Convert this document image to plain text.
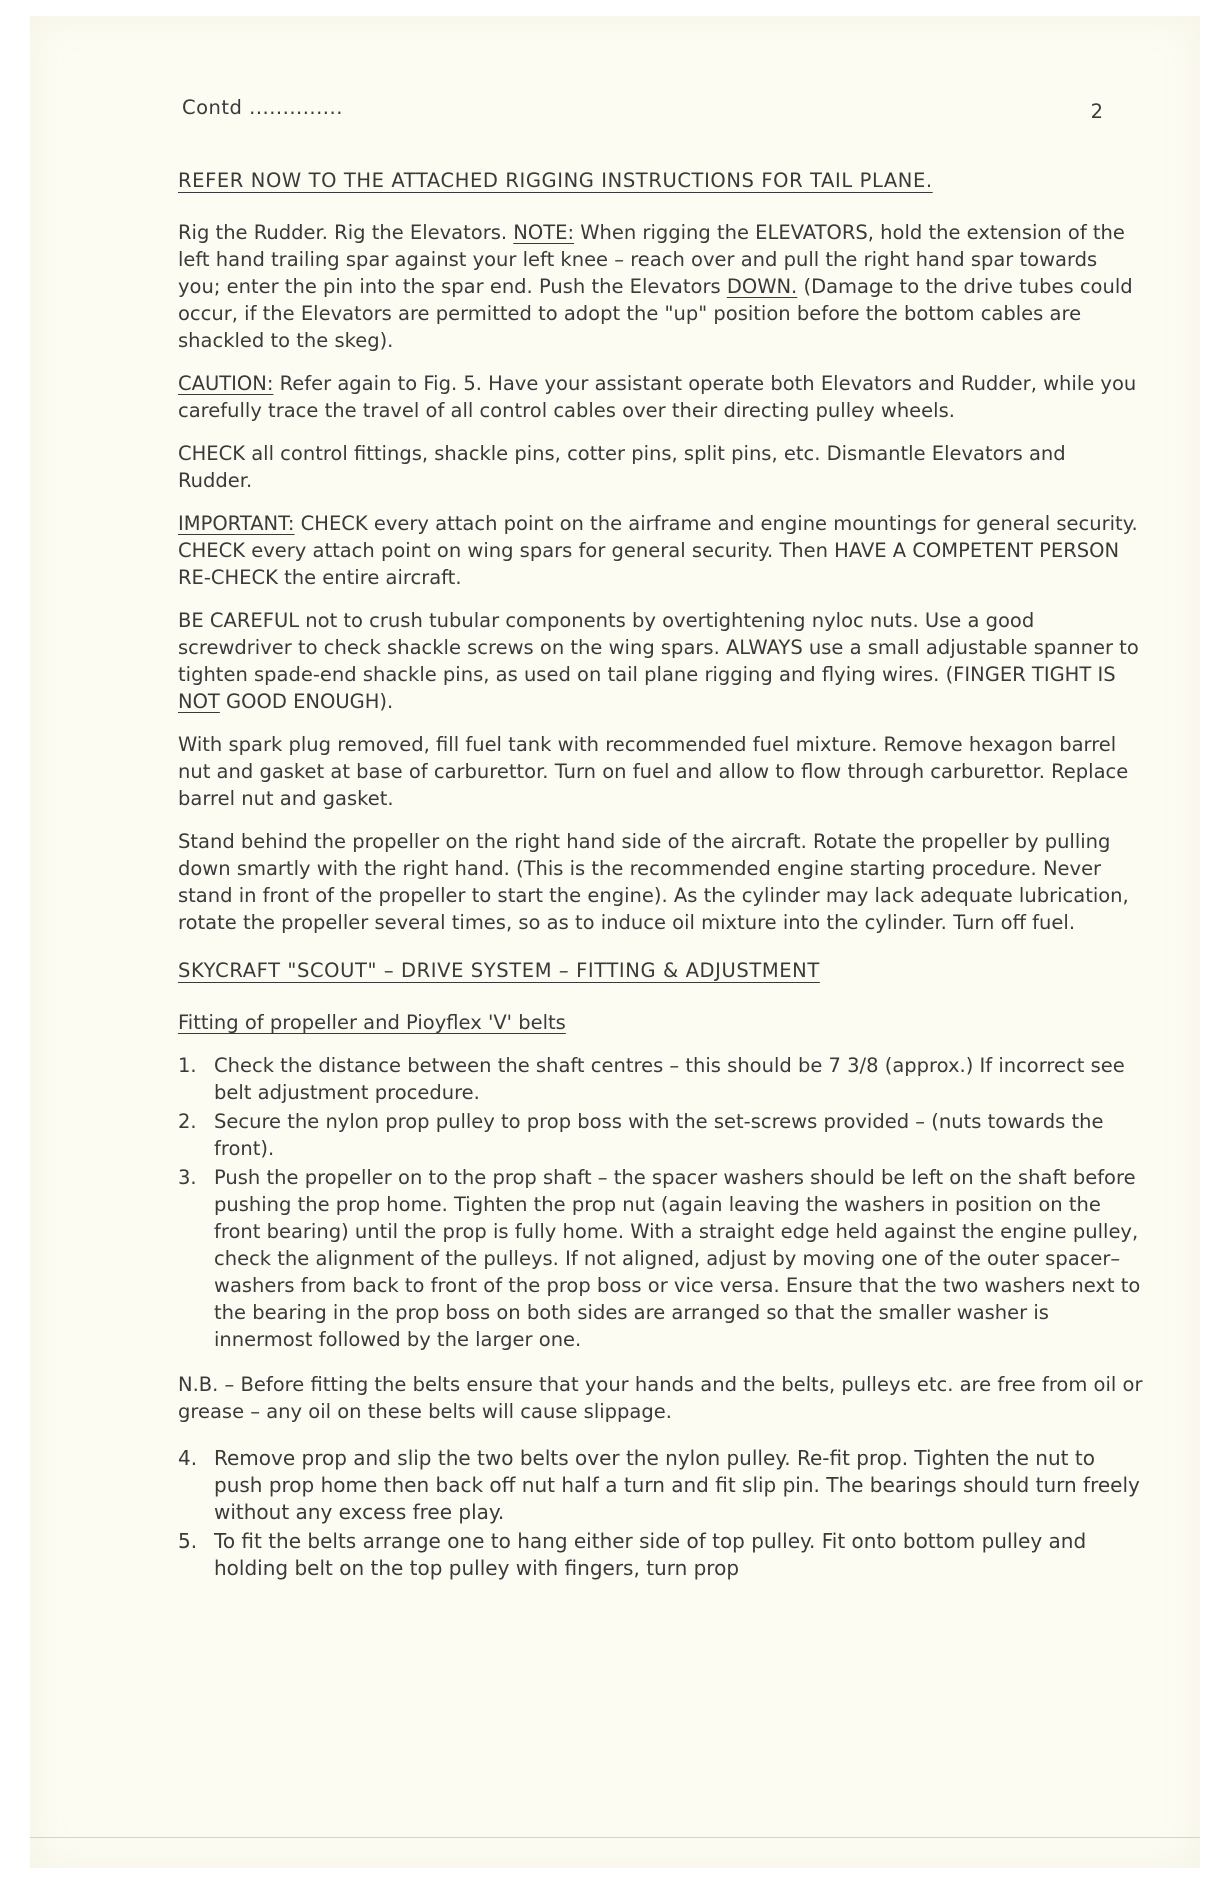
Contd ..............	2
REFER NOW TO THE ATTACHED RIGGING INSTRUCTIONS FOR TAIL PLANE.

Rig the Rudder. Rig the Elevators. NOTE: When rigging the ELEVATORS, hold the extension of the left hand trailing spar against your left knee – reach over and pull the right hand spar towards you; enter the pin into the spar end. Push the Elevators DOWN. (Damage to the drive tubes could occur, if the Elevators are permitted to adopt the "up" position before the bottom cables are shackled to the skeg).

CAUTION: Refer again to Fig. 5. Have your assistant operate both Elevators and Rudder, while you carefully trace the travel of all control cables over their directing pulley wheels.

CHECK all control fittings, shackle pins, cotter pins, split pins, etc. Dismantle Elevators and Rudder.

IMPORTANT: CHECK every attach point on the airframe and engine mountings for general security. CHECK every attach point on wing spars for general security. Then HAVE A COMPETENT PERSON RE-CHECK the entire aircraft.

BE CAREFUL not to crush tubular components by overtightening nyloc nuts. Use a good screwdriver to check shackle screws on the wing spars. ALWAYS use a small adjustable spanner to tighten spade-end shackle pins, as used on tail plane rigging and flying wires. (FINGER TIGHT IS NOT GOOD ENOUGH).

With spark plug removed, fill fuel tank with recommended fuel mixture. Remove hexagon barrel nut and gasket at base of carburettor. Turn on fuel and allow to flow through carburettor. Replace barrel nut and gasket.

Stand behind the propeller on the right hand side of the aircraft. Rotate the propeller by pulling down smartly with the right hand. (This is the recommended engine starting procedure. Never stand in front of the propeller to start the engine). As the cylinder may lack adequate lubrication, rotate the propeller several times, so as to induce oil mixture into the cylinder. Turn off fuel.

SKYCRAFT "SCOUT" – DRIVE SYSTEM – FITTING & ADJUSTMENT
Fitting of propeller and Pioyflex 'V' belts
1. Check the distance between the shaft centres – this should be 7 3/8 (approx.) If incorrect see belt adjustment procedure.
2. Secure the nylon prop pulley to prop boss with the set-screws provided – (nuts towards the front).
3. Push the propeller on to the prop shaft – the spacer washers should be left on the shaft before pushing the prop home. Tighten the prop nut (again leaving the washers in position on the front bearing) until the prop is fully home. With a straight edge held against the engine pulley, check the alignment of the pulleys. If not aligned, adjust by moving one of the outer spacer–washers from back to front of the prop boss or vice versa. Ensure that the two washers next to the bearing in the prop boss on both sides are arranged so that the smaller washer is innermost followed by the larger one.

N.B. – Before fitting the belts ensure that your hands and the belts, pulleys etc. are free from oil or grease – any oil on these belts will cause slippage.

4. Remove prop and slip the two belts over the nylon pulley. Re-fit prop. Tighten the nut to push prop home then back off nut half a turn and fit slip pin. The bearings should turn freely without any excess free play.
5. To fit the belts arrange one to hang either side of top pulley. Fit onto bottom pulley and holding belt on the top pulley with fingers, turn prop
